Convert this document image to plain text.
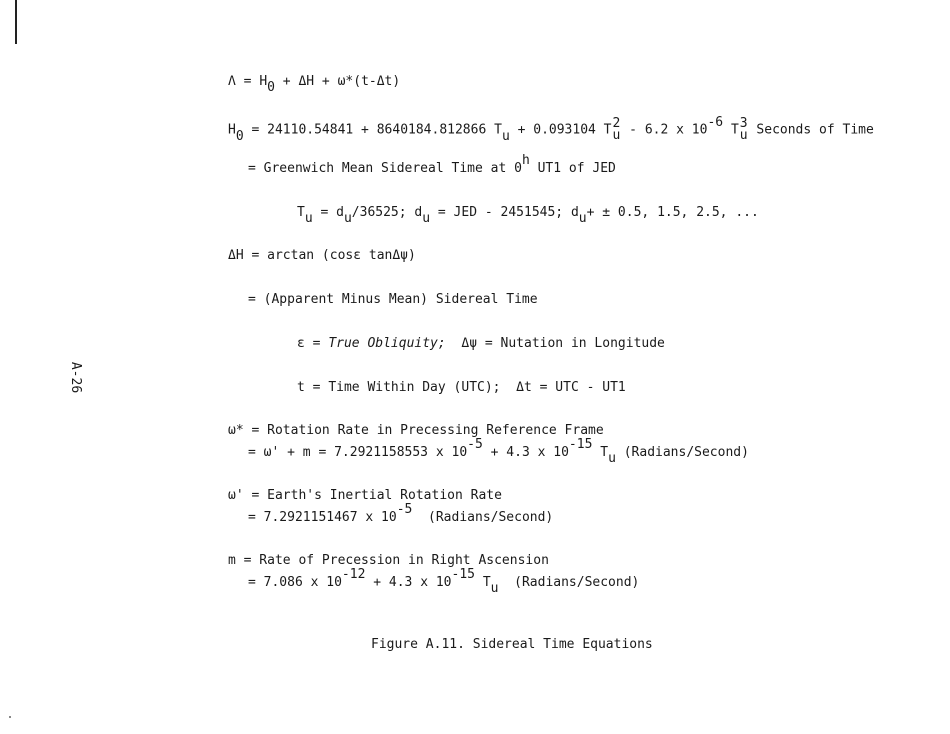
A-26
Λ = H0 + ΔH + ω*(t-Δt)
H0 = 24110.54841 + 8640184.812866 Tu + 0.093104 T 2
u - 6.2 x 10-6 T 3
u Seconds of Time
= Greenwich Mean Sidereal Time at 0h UT1 of JED
Tu = du/36525; du = JED - 2451545; du+ ± 0.5, 1.5, 2.5, ...
ΔH = arctan (cosε tanΔψ)
= (Apparent Minus Mean) Sidereal Time
ε = True Obliquity; Δψ = Nutation in Longitude
t = Time Within Day (UTC); Δt = UTC - UT1
ω* = Rotation Rate in Precessing Reference Frame
= ω' + m = 7.2921158553 x 10-5 + 4.3 x 10-15 Tu (Radians/Second)
ω' = Earth's Inertial Rotation Rate
= 7.2921151467 x 10-5  (Radians/Second)
m = Rate of Precession in Right Ascension
= 7.086 x 10-12 + 4.3 x 10-15 Tu (Radians/Second)
Figure A.11. Sidereal Time Equations
